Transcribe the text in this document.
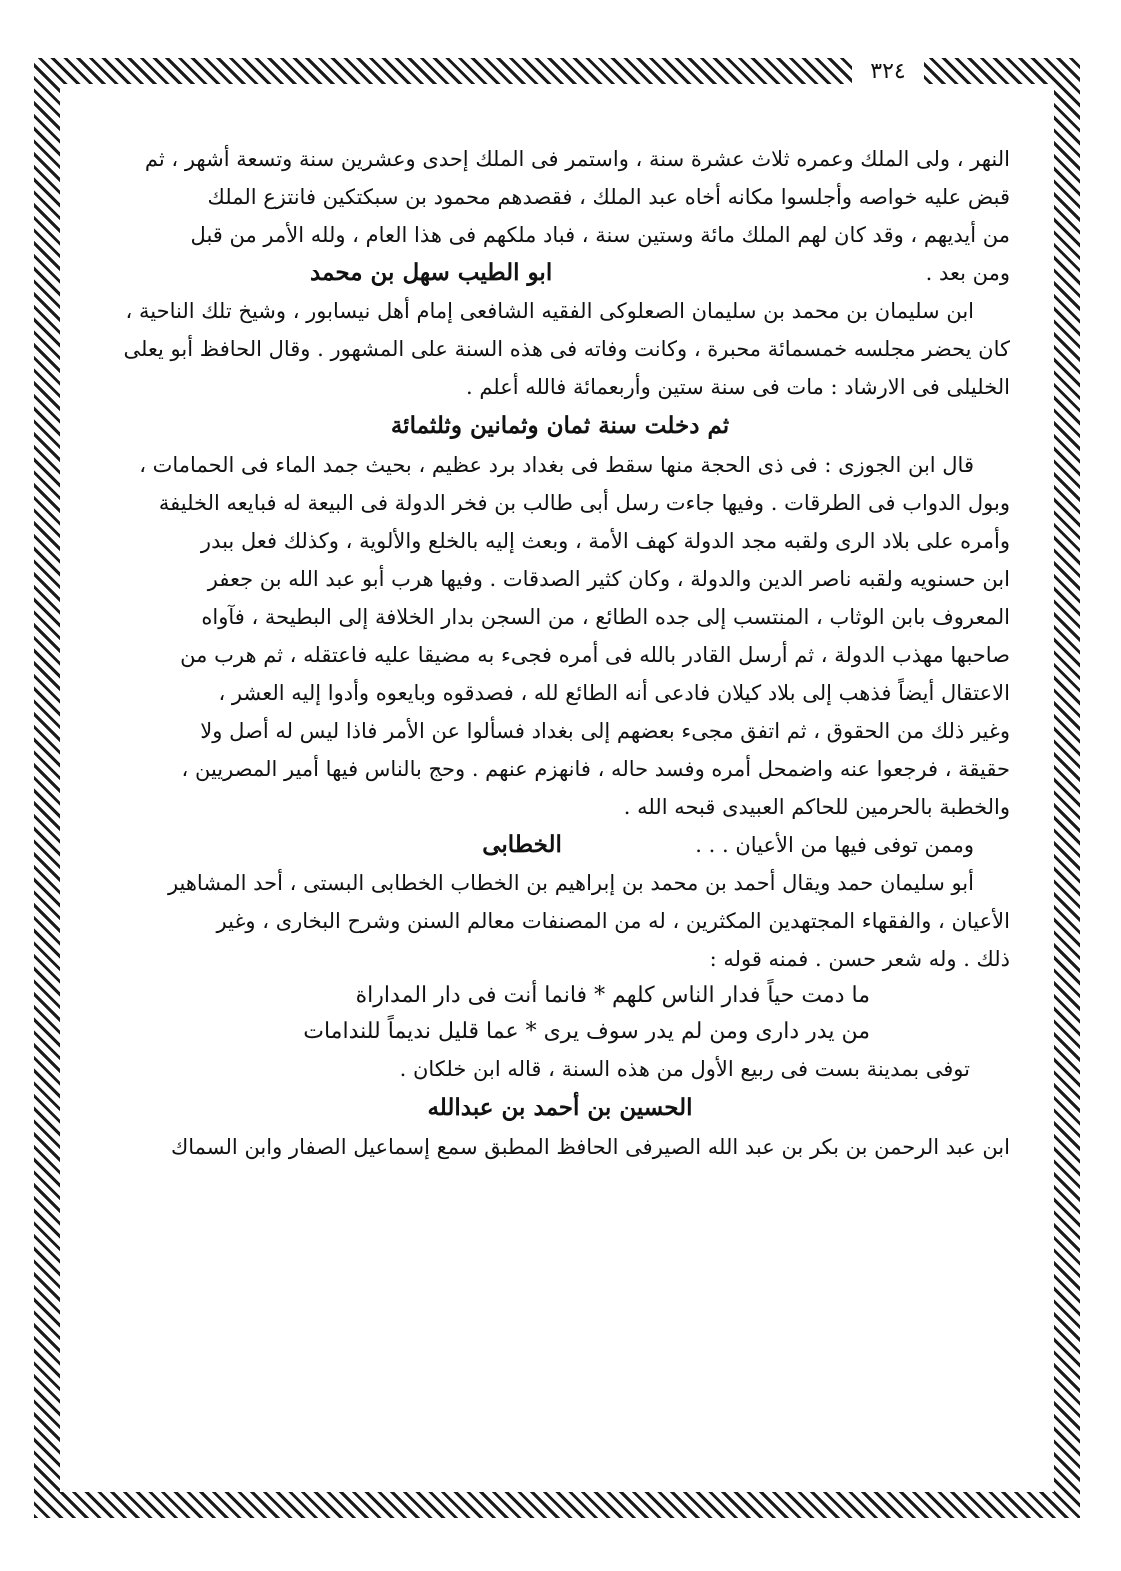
٣٢٤
النهر ، ولى الملك وعمره ثلاث عشرة سنة ، واستمر فى الملك إحدى وعشرين سنة وتسعة أشهر ، ثم
قبض عليه خواصه وأجلسوا مكانه أخاه عبد الملك ، فقصدهم محمود بن سبكتكين فانتزع الملك
من أيديهم ، وقد كان لهم الملك مائة وستين سنة ، فباد ملكهم فى هذا العام ، ولله الأمر من قبل
ومن بعد .  ابو الطيب سهل بن محمد
ابن سليمان بن محمد بن سليمان الصعلوكى الفقيه الشافعى إمام أهل نيسابور ، وشيخ تلك الناحية ،
كان يحضر مجلسه خمسمائة محبرة ، وكانت وفاته فى هذه السنة على المشهور . وقال الحافظ أبو يعلى
الخليلى فى الارشاد : مات فى سنة ستين وأربعمائة فالله أعلم .
ثم دخلت سنة ثمان وثمانين وثلثمائة
قال ابن الجوزى : فى ذى الحجة منها سقط فى بغداد برد عظيم ، بحيث جمد الماء فى الحمامات ،
وبول الدواب فى الطرقات . وفيها جاءت رسل أبى طالب بن فخر الدولة فى البيعة له فبايعه الخليفة
وأمره على بلاد الرى ولقبه مجد الدولة كهف الأمة ، وبعث إليه بالخلع والألوية ، وكذلك فعل ببدر
ابن حسنويه ولقبه ناصر الدين والدولة ، وكان كثير الصدقات . وفيها هرب أبو عبد الله بن جعفر
المعروف بابن الوثاب ، المنتسب إلى جده الطائع ، من السجن بدار الخلافة إلى البطيحة ، فآواه
صاحبها مهذب الدولة ، ثم أرسل القادر بالله فى أمره فجىء به مضيقا عليه فاعتقله ، ثم هرب من
الاعتقال أيضاً فذهب إلى بلاد كيلان فادعى أنه الطائع لله ، فصدقوه وبايعوه وأدوا إليه العشر ،
وغير ذلك من الحقوق ، ثم اتفق مجىء بعضهم إلى بغداد فسألوا عن الأمر فاذا ليس له أصل ولا
حقيقة ، فرجعوا عنه واضمحل أمره وفسد حاله ، فانهزم عنهم . وحج بالناس فيها أمير المصريين ،
والخطبة بالحرمين للحاكم العبيدى قبحه الله .
وممن توفى فيها من الأعيان . . .  الخطابى
أبو سليمان حمد ويقال أحمد بن محمد بن إبراهيم بن الخطاب الخطابى البستى ، أحد المشاهير
الأعيان ، والفقهاء المجتهدين المكثرين ، له من المصنفات معالم السنن وشرح البخارى ، وغير
ذلك . وله شعر حسن . فمنه قوله :
ما دمت حياً فدار الناس كلهم * فانما أنت فى دار المداراة
من يدر دارى ومن لم يدر سوف يرى * عما قليل نديماً للندامات
توفى بمدينة بست فى ربيع الأول من هذه السنة ، قاله ابن خلكان .
الحسين بن أحمد بن عبدالله
ابن عبد الرحمن بن بكر بن عبد الله الصيرفى الحافظ المطبق سمع إسماعيل الصفار وابن السماك
